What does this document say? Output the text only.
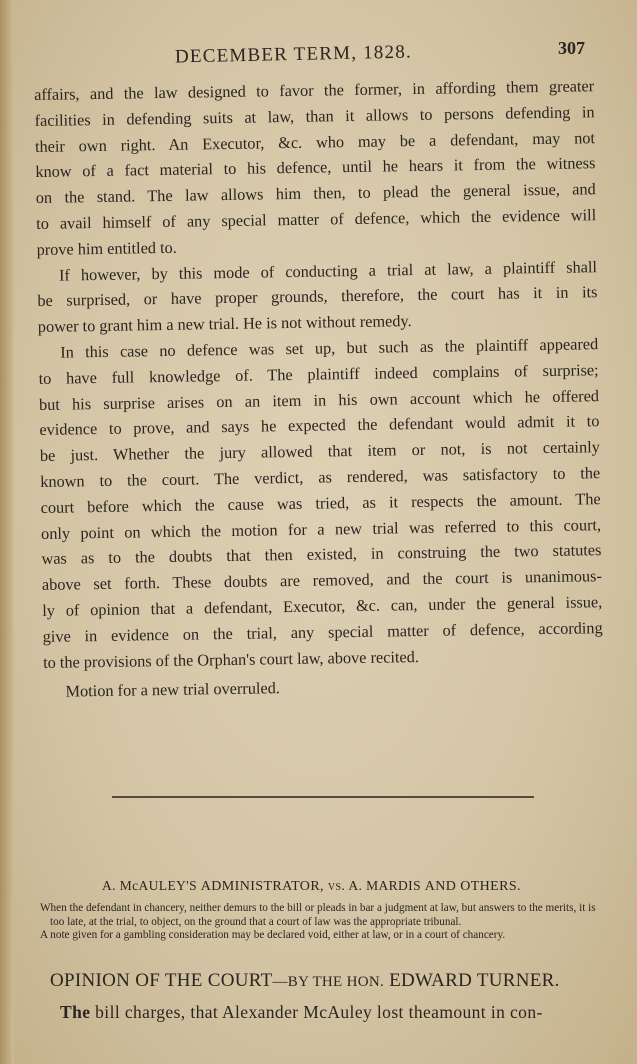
DECEMBER TERM, 1828.	307
affairs, and the law designed to favor the former, in affording them greater
facilities in defending suits at law, than it allows to persons defending in
their own right. An Executor, &c. who may be a defendant, may not
know of a fact material to his defence, until he hears it from the witness
on the stand. The law allows him then, to plead the general issue, and
to avail himself of any special matter of defence, which the evidence will
prove him entitled to.
If however, by this mode of conducting a trial at law, a plaintiff shall
be surprised, or have proper grounds, therefore, the court has it in its
power to grant him a new trial. He is not without remedy.
In this case no defence was set up, but such as the plaintiff appeared
to have full knowledge of. The plaintiff indeed complains of surprise;
but his surprise arises on an item in his own account which he offered
evidence to prove, and says he expected the defendant would admit it to
be just. Whether the jury allowed that item or not, is not certainly
known to the court. The verdict, as rendered, was satisfactory to the
court before which the cause was tried, as it respects the amount. The
only point on which the motion for a new trial was referred to this court,
was as to the doubts that then existed, in construing the two statutes
above set forth. These doubts are removed, and the court is unanimous-
ly of opinion that a defendant, Executor, &c. can, under the general issue,
give in evidence on the trial, any special matter of defence, according
to the provisions of the Orphan's court law, above recited.
Motion for a new trial overruled.
A. McAULEY'S ADMINISTRATOR, vs. A. MARDIS AND OTHERS.
When the defendant in chancery, neither demurs to the bill or pleads in bar a judgment at law, but answers to the merits, it is too late, at the trial, to object, on the ground that a court of law was the appropriate tribunal.
A note given for a gambling consideration may be declared void, either at law, or in a court of chancery.
OPINION OF THE COURT—BY THE HON. EDWARD TURNER.
The bill charges, that Alexander McAuley lost theamount in con-
